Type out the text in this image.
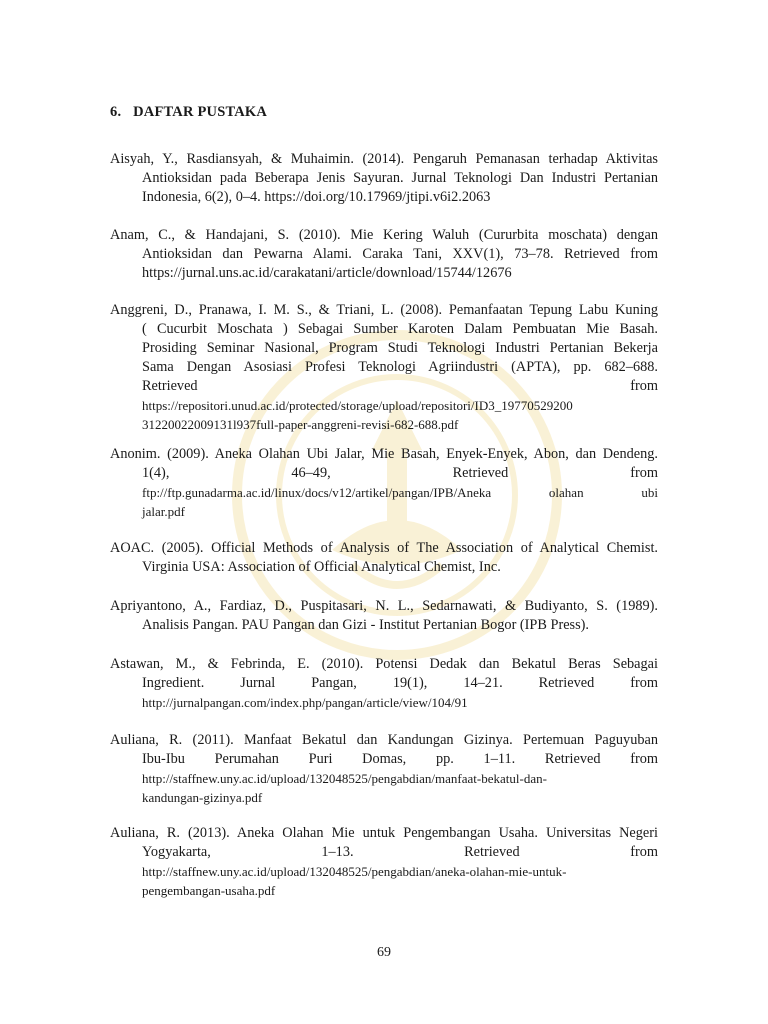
6. DAFTAR PUSTAKA
Aisyah, Y., Rasdiansyah, & Muhaimin. (2014). Pengaruh Pemanasan terhadap Aktivitas
Antioksidan pada Beberapa Jenis Sayuran. Jurnal Teknologi Dan Industri Pertanian
Indonesia, 6(2), 0–4. https://doi.org/10.17969/jtipi.v6i2.2063
Anam, C., & Handajani, S. (2010). Mie Kering Waluh (Cururbita moschata) dengan
Antioksidan dan Pewarna Alami. Caraka Tani, XXV(1), 73–78. Retrieved from
https://jurnal.uns.ac.id/carakatani/article/download/15744/12676
Anggreni, D., Pranawa, I. M. S., & Triani, L. (2008). Pemanfaatan Tepung Labu Kuning
( Cucurbit Moschata ) Sebagai Sumber Karoten Dalam Pembuatan Mie Basah.
Prosiding Seminar Nasional, Program Studi Teknologi Industri Pertanian Bekerja
Sama Dengan Asosiasi Profesi Teknologi Agriindustri (APTA), pp. 682–688.
Retrieved from
https://repositori.unud.ac.id/protected/storage/upload/repositori/ID3_19770529200
31220022009131l937full-paper-anggreni-revisi-682-688.pdf
Anonim. (2009). Aneka Olahan Ubi Jalar, Mie Basah, Enyek-Enyek, Abon, dan Dendeng.
1(4), 46–49, Retrieved from
ftp://ftp.gunadarma.ac.id/linux/docs/v12/artikel/pangan/IPB/Aneka olahan ubi
jalar.pdf
AOAC. (2005). Official Methods of Analysis of The Association of Analytical Chemist.
Virginia USA: Association of Official Analytical Chemist, Inc.
Apriyantono, A., Fardiaz, D., Puspitasari, N. L., Sedarnawati, & Budiyanto, S. (1989).
Analisis Pangan. PAU Pangan dan Gizi - Institut Pertanian Bogor (IPB Press).
Astawan, M., & Febrinda, E. (2010). Potensi Dedak dan Bekatul Beras Sebagai
Ingredient. Jurnal Pangan, 19(1), 14–21. Retrieved from
http://jurnalpangan.com/index.php/pangan/article/view/104/91
Auliana, R. (2011). Manfaat Bekatul dan Kandungan Gizinya. Pertemuan Paguyuban
Ibu-Ibu Perumahan Puri Domas, pp. 1–11. Retrieved from
http://staffnew.uny.ac.id/upload/132048525/pengabdian/manfaat-bekatul-dan-
kandungan-gizinya.pdf
Auliana, R. (2013). Aneka Olahan Mie untuk Pengembangan Usaha. Universitas Negeri
Yogyakarta, 1–13. Retrieved from
http://staffnew.uny.ac.id/upload/132048525/pengabdian/aneka-olahan-mie-untuk-
pengembangan-usaha.pdf
69
